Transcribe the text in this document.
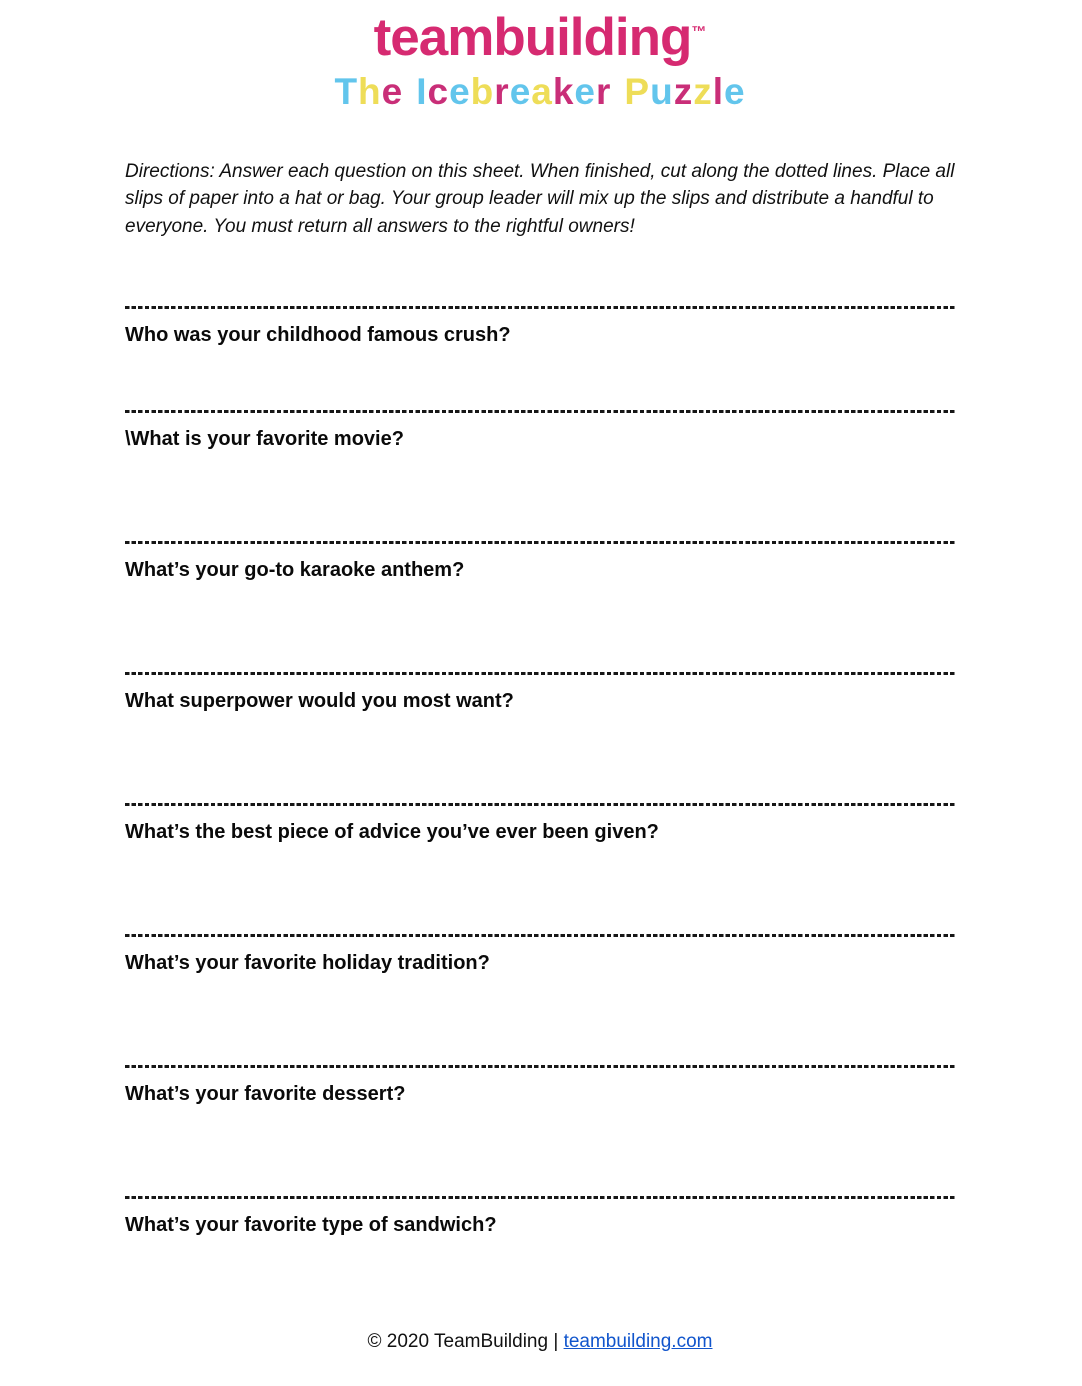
teambuilding™
The Icebreaker Puzzle

Directions: Answer each question on this sheet. When finished, cut along the dotted lines. Place all slips of paper into a hat or bag. Your group leader will mix up the slips and distribute a handful to everyone. You must return all answers to the rightful owners!

Who was your childhood famous crush?
\What is your favorite movie?
What’s your go-to karaoke anthem?
What superpower would you most want?
What’s the best piece of advice you’ve ever been given?
What’s your favorite holiday tradition?
What’s your favorite dessert?
What’s your favorite type of sandwich?
© 2020 TeamBuilding | teambuilding.com
